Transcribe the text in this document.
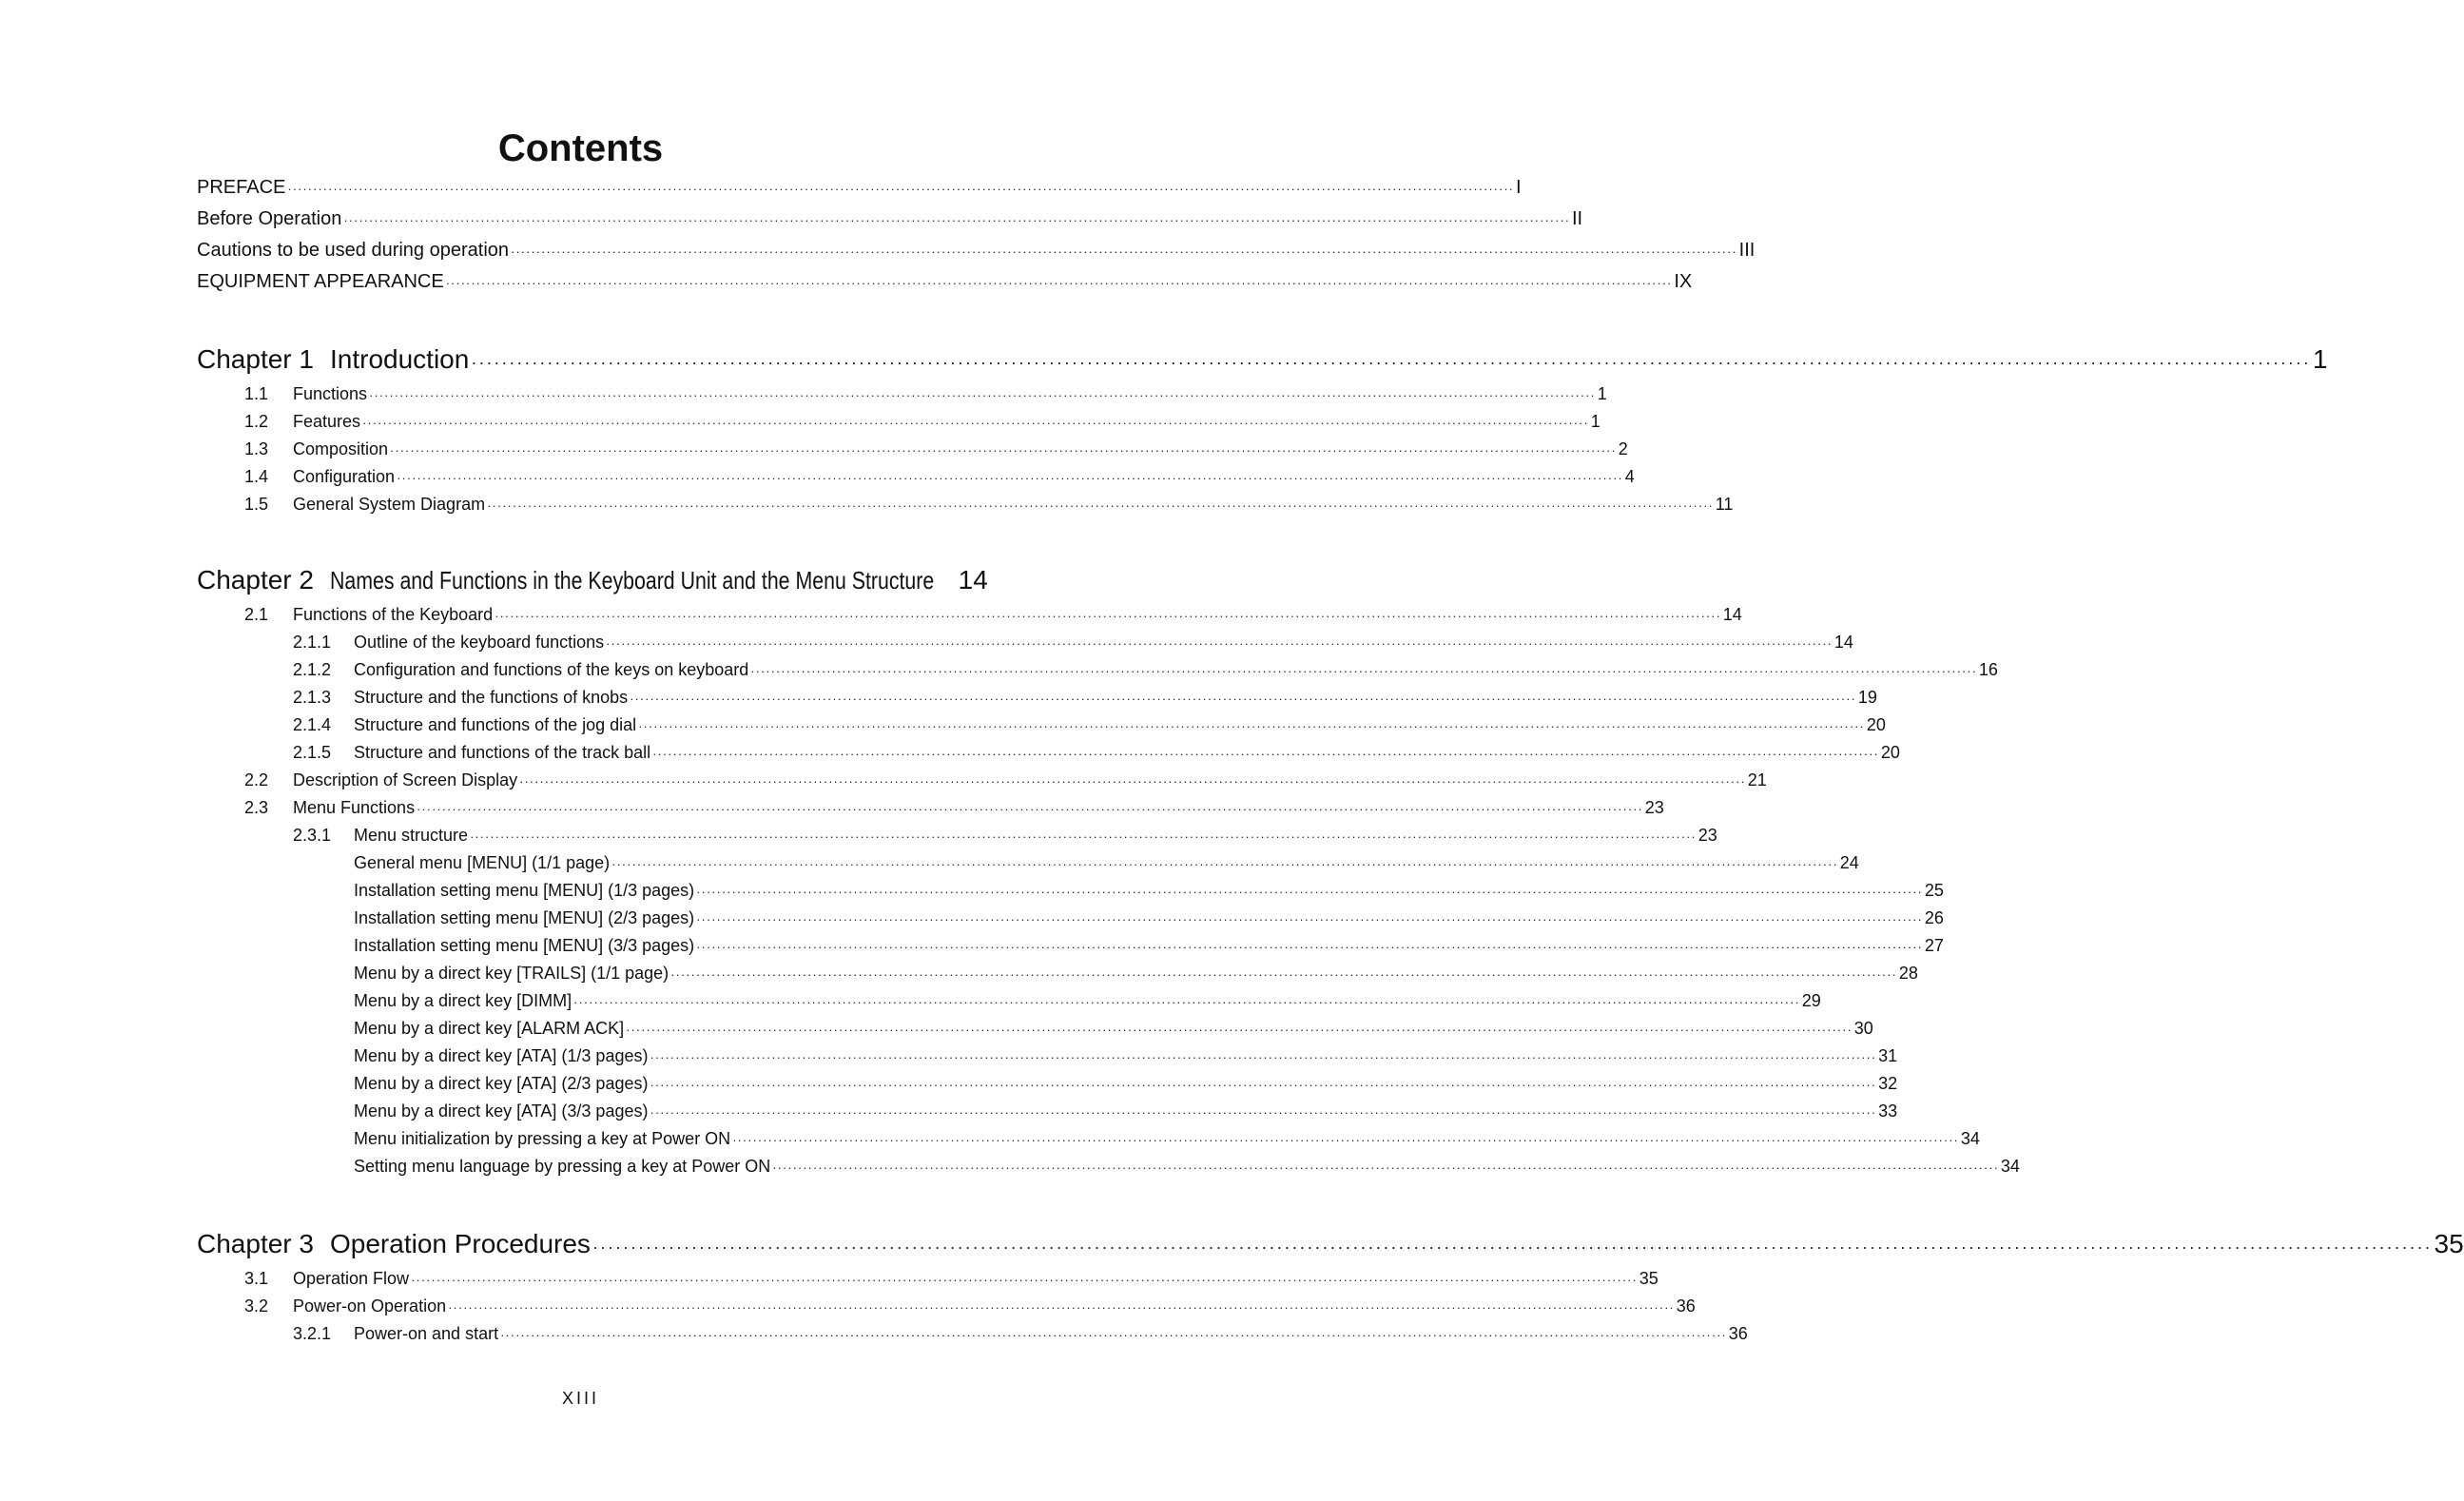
Contents
PREFACE ·····	I
Before Operation ·····	II
Cautions to be used during operation ·····	III
EQUIPMENT APPEARANCE ·····	IX
Chapter 1 Introduction ·····	1
1.1	Functions ·····	1
1.2	Features ·····	1
1.3	Composition ·····	2
1.4	Configuration ·····	4
1.5	General System Diagram ·····	11
Chapter 2 Names and Functions in the Keyboard Unit and the Menu Structure 14
2.1	Functions of the Keyboard ·····	14
2.1.1	Outline of the keyboard functions ·····	14
2.1.2	Configuration and functions of the keys on keyboard ·····	16
2.1.3	Structure and the functions of knobs ·····	19
2.1.4	Structure and functions of the jog dial ·····	20
2.1.5	Structure and functions of the track ball ·····	20
2.2	Description of Screen Display ·····	21
2.3	Menu Functions ·····	23
2.3.1	Menu structure ·····	23
General menu [MENU] (1/1 page) ·····	24
Installation setting menu [MENU] (1/3 pages) ·····	25
Installation setting menu [MENU] (2/3 pages) ·····	26
Installation setting menu [MENU] (3/3 pages) ·····	27
Menu by a direct key [TRAILS] (1/1 page) ·····	28
Menu by a direct key [DIMM] ·····	29
Menu by a direct key [ALARM ACK] ·····	30
Menu by a direct key [ATA] (1/3 pages) ·····	31
Menu by a direct key [ATA] (2/3 pages) ·····	32
Menu by a direct key [ATA] (3/3 pages) ·····	33
Menu initialization by pressing a key at Power ON ·····	34
Setting menu language by pressing a key at Power ON ·····	34
Chapter 3 Operation Procedures ·····	35
3.1	Operation Flow ·····	35
3.2	Power-on Operation ·····	36
3.2.1	Power-on and start ·····	36
XIII
